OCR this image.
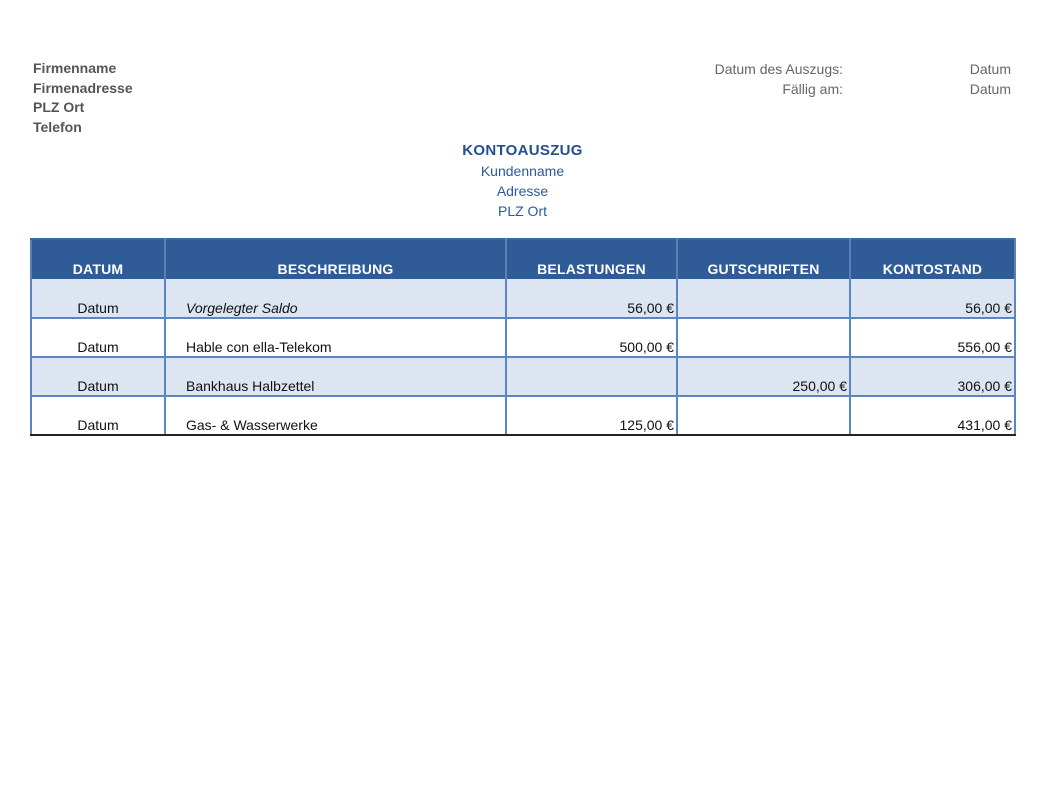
Firmenname
Firmenadresse
PLZ Ort
Telefon
Datum des Auszugs:	Datum
Fällig am:	Datum
KONTOAUSZUG
Kundenname
Adresse
PLZ Ort
DATUM	BESCHREIBUNG	BELASTUNGEN	GUTSCHRIFTEN	KONTOSTAND
Datum	Vorgelegter Saldo	56,00 €		56,00 €
Datum	Hable con ella-Telekom	500,00 €		556,00 €
Datum	Bankhaus Halbzettel		250,00 €	306,00 €
Datum	Gas- & Wasserwerke	125,00 €		431,00 €
